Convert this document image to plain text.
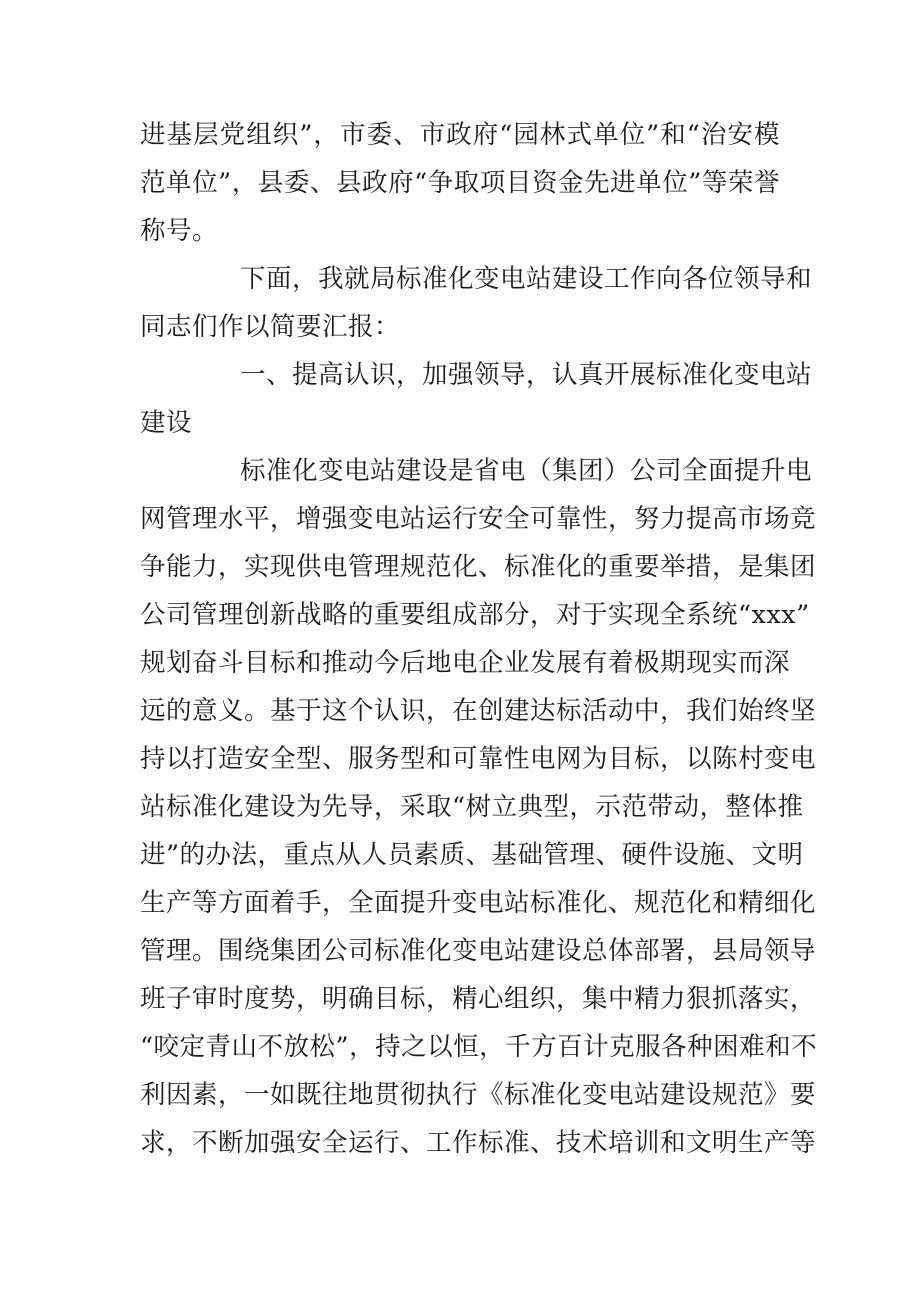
进基层党组织”，市委、市政府“园林式单位”和“治安模
范单位”，县委、县政府“争取项目资金先进单位”等荣誉
称号。
下面，我就局标准化变电站建设工作向各位领导和
同志们作以简要汇报：
一、提高认识，加强领导，认真开展标准化变电站
建设
标准化变电站建设是省电（集团）公司全面提升电
网管理水平，增强变电站运行安全可靠性，努力提高市场竞
争能力，实现供电管理规范化、标准化的重要举措，是集团
公司管理创新战略的重要组成部分，对于实现全系统“xxx”
规划奋斗目标和推动今后地电企业发展有着极期现实而深
远的意义。基于这个认识，在创建达标活动中，我们始终坚
持以打造安全型、服务型和可靠性电网为目标，以陈村变电
站标准化建设为先导，采取“树立典型，示范带动，整体推
进”的办法，重点从人员素质、基础管理、硬件设施、文明
生产等方面着手，全面提升变电站标准化、规范化和精细化
管理。围绕集团公司标准化变电站建设总体部署，县局领导
班子审时度势，明确目标，精心组织，集中精力狠抓落实，
“咬定青山不放松”，持之以恒，千方百计克服各种困难和不
利因素，一如既往地贯彻执行《标准化变电站建设规范》要
求，不断加强安全运行、工作标准、技术培训和文明生产等
